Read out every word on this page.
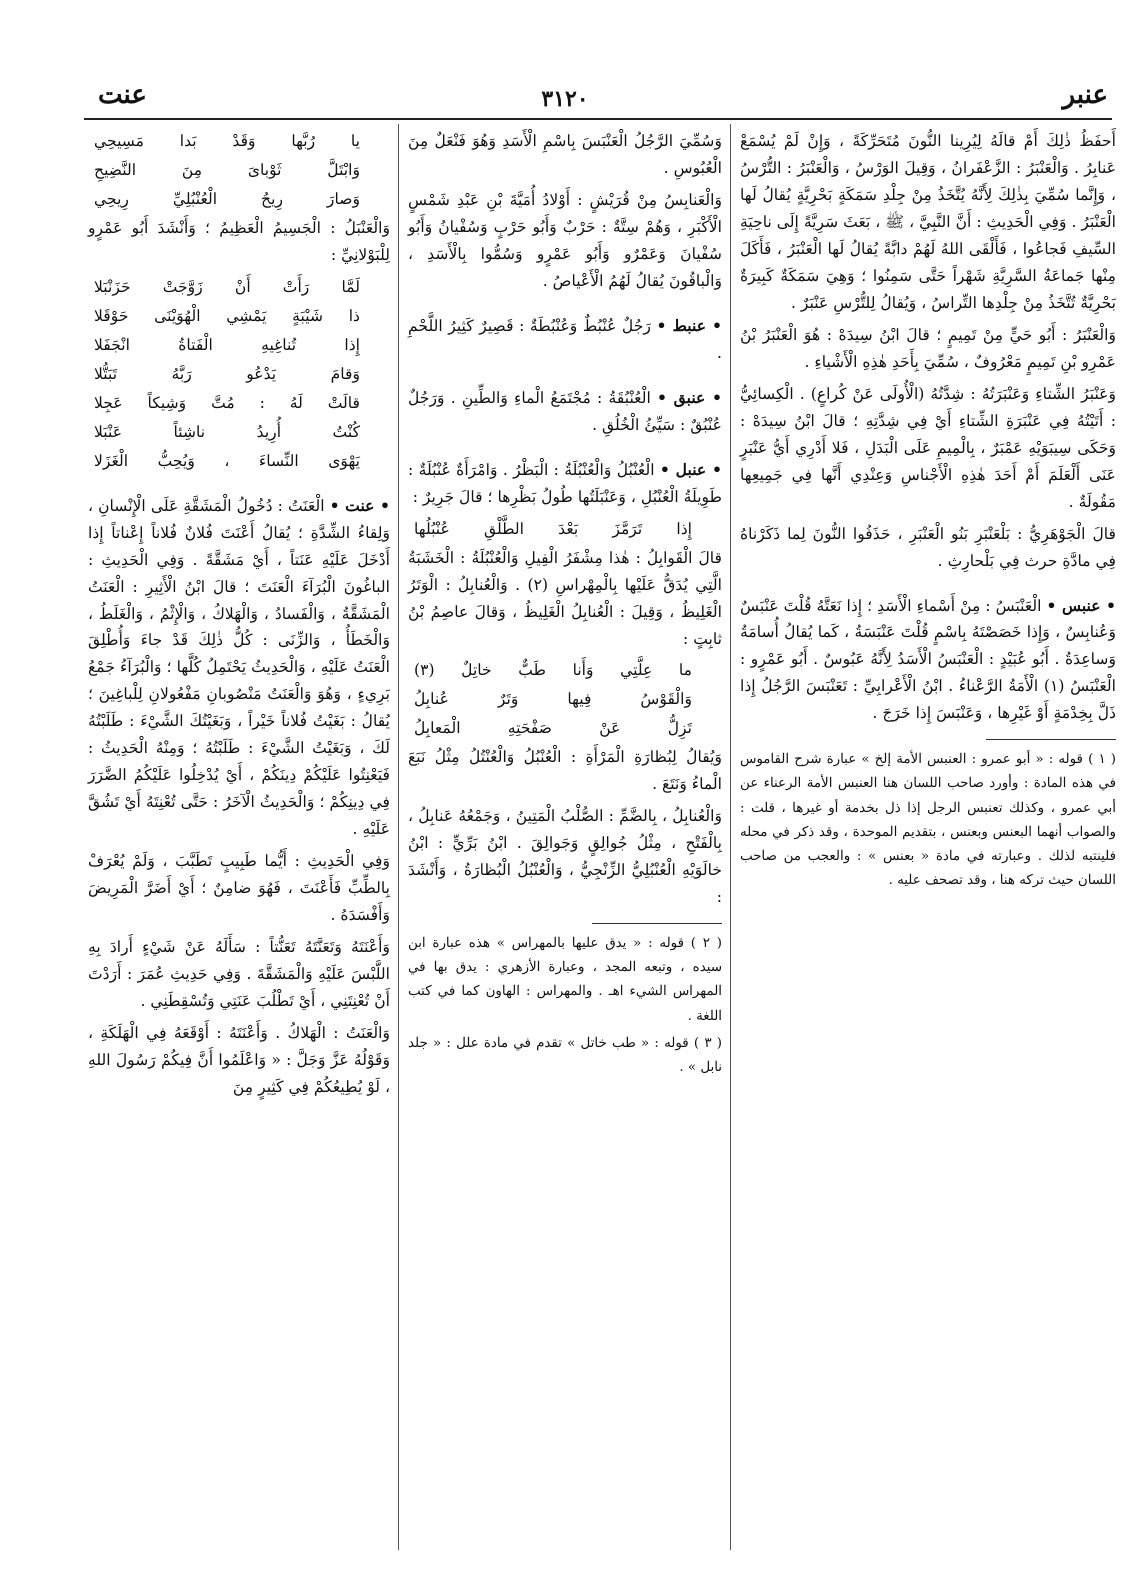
عنت	٣١٢٠	عنبر

أَحفَظُ ذٰلِكَ أَمْ قالَهُ لِيُرِينا النُّونَ مُتَحَرِّكَةً ، وَإِنْ لَمْ يُسْمَعْ عَنابِرُ . وَالْعَنْبَرُ : الزَّعْفَرانُ ، وَقِيلَ الوَرْسُ ، وَالْعَنْبَرُ : التُّرْسُ ، وَإِنَّما سُمِّيَ بِذٰلِكَ لِأَنَّهُ يُتَّخَذُ مِنْ جِلْدِ سَمَكَةٍ بَحْرِيَّةٍ يُقالُ لَها الْعَنْبَرُ . وَفِي الْحَدِيثِ : أَنَّ النَّبِيَّ ، ﷺ ، بَعَثَ سَرِيَّةً إِلَى ناحِيَةِ السِّيفِ فَجاعُوا ، فَأَلْقَى اللهُ لَهُمْ دابَّةً يُقالُ لَها الْعَنْبَرُ ، فَأَكَلَ مِنْها جَماعَةُ السَّرِيَّةِ شَهْراً حَتَّى سَمِنُوا ؛ وَهِيَ سَمَكَةٌ كَبِيرَةٌ بَحْرِيَّةٌ تُتَّخَذُ مِنْ جِلْدِها التِّراسُ ، وَيُقالُ لِلتُّرْسِ عَنْبَرٌ .

وَالْعَنْبَرُ : أَبُو حَيٍّ مِنْ تَمِيمٍ ؛ قالَ ابْنُ سِيدَهْ : هُوَ الْعَنْبَرُ بْنُ عَمْرِو بْنِ تَمِيمٍ مَعْرُوفٌ ، سُمِّيَ بِأَحَدِ هٰذِهِ الْأَشْياءِ .

وَعَنْبَرُ الشِّتاءِ وَعَنْبَرَتُهُ : شِدَّتُهُ (الْأُولَى عَنْ كُراعٍ) . الْكِسائِيُّ : أَتَيْتُهُ فِي عَنْبَرَةِ الشِّتاءِ أَيْ فِي شِدَّتِهِ ؛ قالَ ابْنُ سِيدَهْ : وَحَكَى سِيبَوَيْهِ عَمْبَرٌ ، بِالْمِيمِ عَلَى الْبَدَلِ ، فَلا أَدْرِي أَيُّ عَنْبَرٍ عَنَى أَلْعَلَمَ أَمْ أَحَدَ هٰذِهِ الْأَجْناسِ وَعِنْدِي أَنَّها فِي جَمِيعِها مَقُولَةٌ .

قالَ الْجَوْهَرِيُّ : بَلْعَنْبَرِ بَنُو الْعَنْبَرِ ، حَذَفُوا النُّونَ لِما ذَكَرْناهُ فِي مادَّةِ حرث فِي بَلْحارِثِ .

• عنبس • الْعَنْبَسُ : مِنْ أَسْماءِ الْأَسَدِ ؛ إِذا نَعَتَّهُ قُلْتَ عَنْبَسٌ وَعُنابِسٌ ، وَإِذا خَصَصْتَهُ بِاسْمٍ قُلْتَ عَنْبَسَةُ ، كَما يُقالُ أُسامَةُ وَساعِدَةُ . أَبُو عُبَيْدٍ : الْعَنْبَسُ الْأَسَدُ لِأَنَّهُ عَبُوسٌ . أَبُو عَمْرٍو : الْعَنْبَسُ (١) الْأَمَةُ الرَّعْناءُ . ابْنُ الْأَعْرابِيِّ : تَعَنْبَسَ الرَّجُلُ إِذا ذَلَّ بِخِدْمَةٍ أَوْ غَيْرِها ، وَعَنْبَسَ إِذا خَرَجَ .

( ١ ) قوله : « أبو عمرو : العنبس الأمة إلخ » عبارة شرح القاموس في هذه المادة : وأورد صاحب اللسان هنا العنبس الأمة الرعناء عن أبي عمرو ، وكذلك تعنبس الرجل إذا ذل بخدمة أو غيرها ، قلت : والصواب أنهما البعنس وبعنس ، بتقديم الموحدة ، وقد ذكر في محله فلينتبه لذلك . وعبارته في مادة « بعنس » : والعجب من صاحب اللسان حيث تركه هنا ، وقد تصحف عليه .

وَسُمِّيَ الرَّجُلُ الْعَنْبَسَ بِاسْمِ الْأَسَدِ وَهُوَ فَنْعَلٌ مِنَ الْعُبُوسِ .

وَالْعَنابِسُ مِنْ قُرَيْشٍ : أَوْلادُ أُمَيَّةَ بْنِ عَبْدِ شَمْسٍ الْأَكْبَرِ ، وَهُمْ سِتَّةٌ : حَرْبٌ وَأَبُو حَرْبٍ وَسُفْيانُ وَأَبُو سُفْيانَ وَعَمْرٌو وَأَبُو عَمْرٍو وَسُمُّوا بِالْأَسَدِ ، وَالْباقُونَ يُقالُ لَهُمُ الْأَعْياصُ .

• عنبط • رَجُلٌ عُنْبُطٌ وَعُنْبُطَةٌ : قَصِيرٌ كَثِيرُ اللَّحْمِ .

• عنبق • الْعُنْبُقَةُ : مُجْتَمَعُ الْماءِ وَالطِّينِ . وَرَجُلٌ عُنْبُقٌ : سَيِّئُ الْخُلُقِ .

• عنبل • الْعُنْبُلُ وَالْعُنْبُلَةُ : الْبَظْرُ . وَامْرَأَةٌ عُنْبُلَةٌ : طَوِيلَةُ الْعُنْبُلِ ، وَعَنْبَلَتُها طُولُ بَظْرِها ؛ قالَ جَرِيرٌ :

إِذا تَرَمَّزَ بَعْدَ الطَّلْقِ عُنْبُلُها

قالَ الْقَوابِلُ : هٰذا مِشْفَرُ الْفِيلِ وَالْعُنْبُلَةُ : الْخَشَبَةُ الَّتِي يُدَقُّ عَلَيْها بِالْمِهْراسِ (٢) . وَالْعُنابِلُ : الْوَتَرُ الْغَلِيظُ ، وَقِيلَ : الْعُنابِلُ الْغَلِيظُ ، وَقالَ عاصِمُ بْنُ ثابِتٍ :

ما عِلَّتِي وَأَنا طَبٌّ خاتِلٌ (٣)

وَالْقَوْسُ فِيها وَتَرٌ عُنابِلُ

تَزِلُّ عَنْ صَفْحَتِهِ الْمَعابِلُ

وَيُقالُ لِبُظارَةِ الْمَرْأَةِ : الْعُنْبُلُ وَالْعُنْتُلُ مِثْلُ نَبَعَ الْماءُ وَنَتَعَ .

وَالْعُنابِلُ ، بِالضَّمِّ : الصُّلْبُ الْمَتِينُ ، وَجَمْعُهُ عَنابِلُ ، بِالْفَتْحِ ، مِثْلُ جُوالِقٍ وَجَوالِقَ . ابْنُ بَرِّيٍّ : ابْنُ خالَوَيْهِ الْعُنْبُلِيُّ الزِّنْجِيُّ ، وَالْعُنْبُلُ الْبُظارَةُ ، وَأَنْشَدَ :

( ٢ ) قوله : « يدق عليها بالمهراس » هذه عبارة ابن سيده ، وتبعه المجد ، وعبارة الأزهري : يدق بها في المهراس الشيء اهـ . والمهراس : الهاون كما في كتب اللغة .

( ٣ ) قوله : « طب خاتل » تقدم في مادة علل : « جلد نابل » .

يا رُبَّها وَقَدْ بَدا مَسِيحِي

وَابْتَلَّ ثَوْباىَ مِنَ النَّضِيحِ

وَصارَ رِيحُ الْعُنْبُلِيِّ رِيحِي

وَالْعَنْبَلُ : الْجَسِيمُ الْعَظِيمُ ؛ وَأَنْشَدَ أَبُو عَمْرٍو لِلْبَوْلانِيِّ :

لَمَّا رَأَتْ أَنْ زَوَّجَتْ حَزَنْبَلا

ذا شَيْبَةٍ يَمْشِي الْهُوَيْنَى حَوْقَلا

إِذا تُناغِيهِ الْفَتاةُ انْجَفَلا

وَقامَ يَدْعُو رَبَّهُ تَبَتُّلا

قالَتْ لَهُ : مُتَّ وَشِيكاً عَجِلا

كُنْتُ أُرِيدُ ناشِئاً عَنْبَلا

يَهْوَى النِّساءَ ، وَيُحِبُّ الْغَزَلا

• عنت • الْعَنَتُ : دُخُولُ الْمَشَقَّةِ عَلَى الْإِنْسانِ ، وَلِقاءُ الشِّدَّةِ ؛ يُقالُ أَعْنَتَ فُلانٌ فُلاناً إِعْناتاً إِذا أَدْخَلَ عَلَيْهِ عَنَتاً ، أَيْ مَشَقَّةً . وَفِي الْحَدِيثِ : الباغُونَ الْبُرَآءَ الْعَنَتَ ؛ قالَ ابْنُ الْأَثِيرِ : الْعَنَتُ الْمَشَقَّةُ ، وَالْفَسادُ ، وَالْهَلاكُ ، وَالْإِثْمُ ، وَالْغَلَطُ ، وَالْخَطَأُ ، وَالزِّنَى : كُلُّ ذٰلِكَ قَدْ جاءَ وَأُطْلِقَ الْعَنَتُ عَلَيْهِ ، وَالْحَدِيثُ يَحْتَمِلُ كُلَّها ؛ وَالْبُرَآءُ جَمْعُ بَرِيءٍ ، وَهُوَ وَالْعَنَتُ مَنْصُوبانِ مَفْعُولانِ لِلْباغِينَ ؛ يُقالُ : بَغَيْتُ فُلاناً خَيْراً ، وَبَغَيْتُكَ الشَّيْءَ : طَلَبْتُهُ لَكَ ، وَبَغَيْتُ الشَّيْءَ : طَلَبْتُهُ ؛ وَمِنْهُ الْحَدِيثُ : فَيَعْنِتُوا عَلَيْكُمْ دِينَكُمْ ، أَيْ يُدْخِلُوا عَلَيْكُمُ الضَّرَرَ فِي دِينِكُمْ ؛ وَالْحَدِيثُ الْآخَرُ : حَتَّى تُعْنِتَهُ أَيْ تَشُقَّ عَلَيْهِ .

وَفِي الْحَدِيثِ : أَيُّما طَبِيبٍ تَطَبَّبَ ، وَلَمْ يُعْرَفْ بِالطِّبِّ فَأَعْنَتَ ، فَهُوَ ضامِنٌ ؛ أَيْ أَضَرَّ الْمَرِيضَ وَأَفْسَدَهُ .

وَأَعْنَتَهُ وَتَعَنَّتَهُ تَعَنُّتاً : سَأَلَهُ عَنْ شَيْءٍ أَرادَ بِهِ اللَّبْسَ عَلَيْهِ وَالْمَشَقَّةَ . وَفِي حَدِيثِ عُمَرَ : أَرَدْتَ أَنْ تُعْنِتَنِي ، أَيْ تَطْلُبَ عَنَتِي وَتُسْقِطَنِي .

وَالْعَنَتُ : الْهَلاكُ . وَأَعْنَتَهُ : أَوْقَعَهُ فِي الْهَلَكَةِ ، وَقَوْلُهُ عَزَّ وَجَلَّ : « وَاعْلَمُوا أَنَّ فِيكُمْ رَسُولَ اللهِ ، لَوْ يُطِيعُكُمْ فِي كَثِيرٍ مِنَ
